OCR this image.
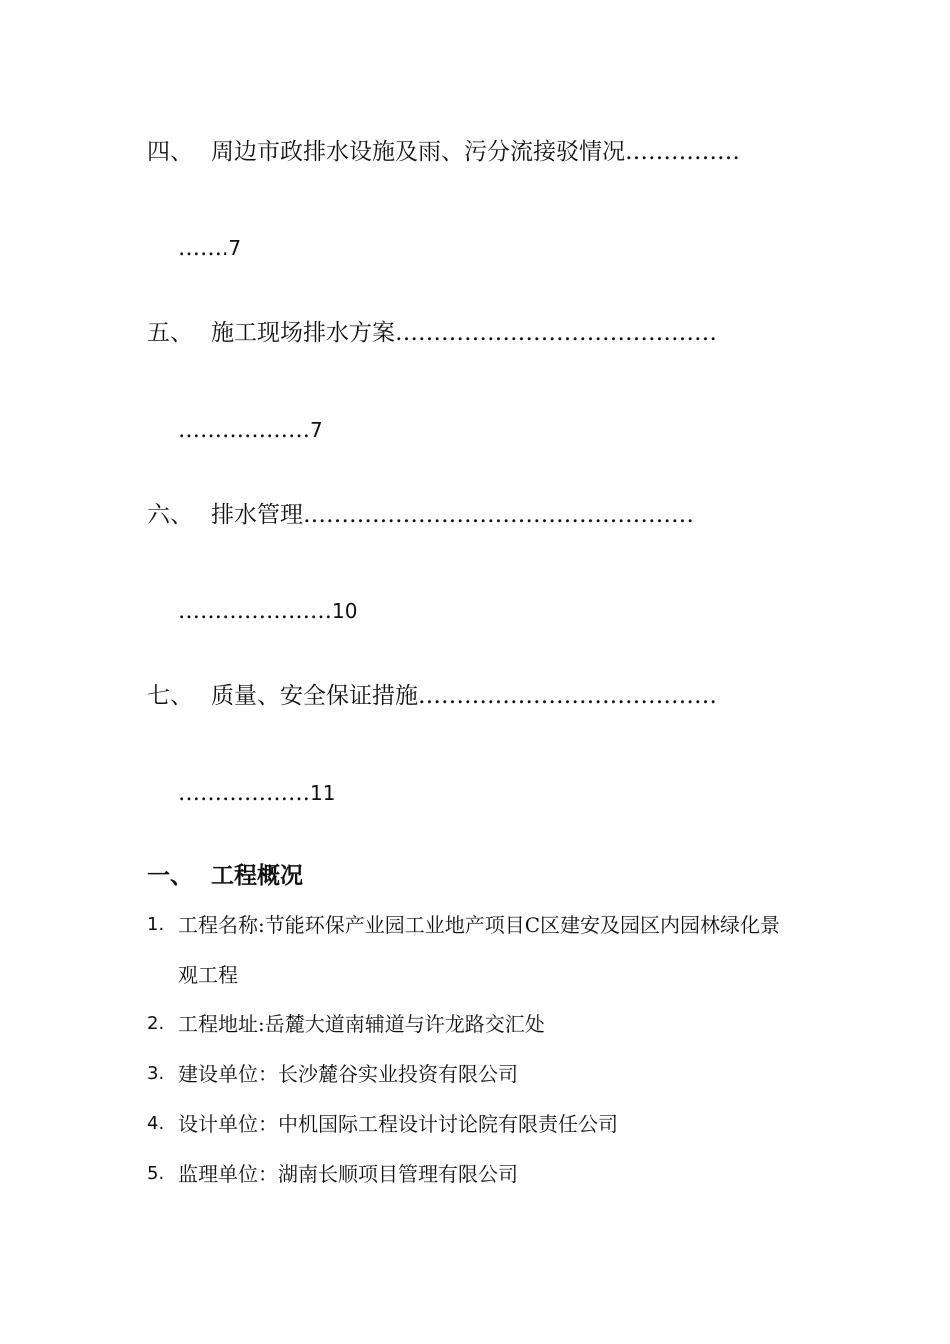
四、 周边市政排水设施及雨、污分流接驳情况……………
…….7
五、 施工现场排水方案……………………………………
………………7
六、 排水管理……………………………………………
…………………10
七、 质量、安全保证措施…………………………………
………………11
一、 工程概况
1. 工程名称:节能环保产业园工业地产项目C区建安及园区内园林绿化景观工程
2. 工程地址:岳麓大道南辅道与许龙路交汇处
3. 建设单位：长沙麓谷实业投资有限公司
4. 设计单位：中机国际工程设计讨论院有限责任公司
5. 监理单位：湖南长顺项目管理有限公司
